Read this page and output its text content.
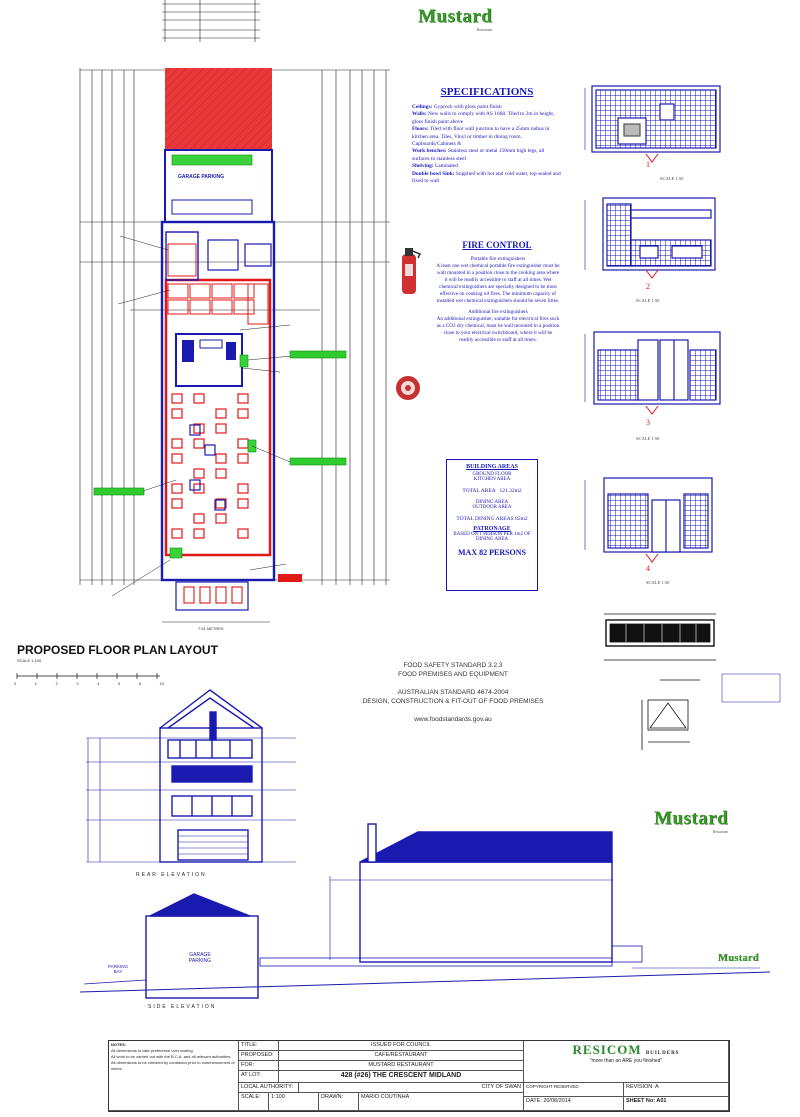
Mustard
Restaurant
SPECIFICATIONS
Ceilings: Gyprock with gloss paint finish
Walls: New walls to comply with AS 1668. Tiled to 2m in height, gloss finish paint above
Floors: Tiled with floor wall junction to have a 25mm radius in kitchen area. Tiles, Vinyl or timber in dining room. Cupboards/Cabinets &
Work benches: Stainless steel or metal 150mm high legs, all surfaces to stainless steel
Shelving: Laminated
Double bowl Sink: Supplied with hot and cold water, top sealed and fixed to wall
FIRE CONTROL
Portable fire extinguishers
A least one wet chemical portable fire extinguisher must be wall mounted in a position close to the cooking area where it will be readily accessible to staff at all times. Wet chemical extinguishers are specially designed to be most effective on cooking oil fires. The minimum capacity of installed wet chemical extinguishers should be seven litres.
Additional fire extinguishers
An additional extinguisher, suitable for electrical fires such as a CO2 dry chemical, must be wall mounted in a position close to your electrical switchboard, where it will be readily accessible to staff at all times.
BUILDING AREAS
GROUND FLOOR
KITCHEN AREA
TOTAL AREA 121.32m2
DINING AREA
OUTDOOR AREA
TOTAL DINING AREAS 82m2
PATRONAGE
BASED ON 1 PERSON PER 1m2 OF DINING AREA
MAX 82 PERSONS
1
SCALE 1:50
2
SCALE 1:50
3
SCALE 1:50
4
SCALE 1:50
GARAGE PARKING
7.61 METRES
PROPOSED FLOOR PLAN LAYOUT
SCALE 1:100
0	1	2	3	4	5	6	10
FOOD SAFETY STANDARD 3.2.3
FOOD PREMISES AND EQUIPMENT
AUSTRALIAN STANDARD 4674-2004
DESIGN, CONSTRUCTION & FIT-OUT OF FOOD PREMISES
www.foodstandards.gov.au
Mustard
Restaurant
Mustard
REAR ELEVATION
SIDE ELEVATION
GARAGE PARKING
PARKING BAY
NOTES:
All dimensions to take preference over scaling.
All work to be carried out with the B.C.A. and all relevant authorities.
All dimensions to be checked by contractor prior to commencement of works.
TITLE:	ISSUED FOR COUNCIL
PROPOSED:	CAFE/RESTAURANT
FOR:	MUSTARD RESTAURANT
AT LOT:	428 (#26) THE CRESCENT MIDLAND
LOCAL AUTHORITY:	CITY OF SWAN
SCALE:	1:100	DRAWN:	MARIO COUTINHA
RESICOM BUILDERS
"more than an ARE you finished"
COPYRIGHT RESERVED	REVISION: A
DATE: 20/08/2014	SHEET No: A01
